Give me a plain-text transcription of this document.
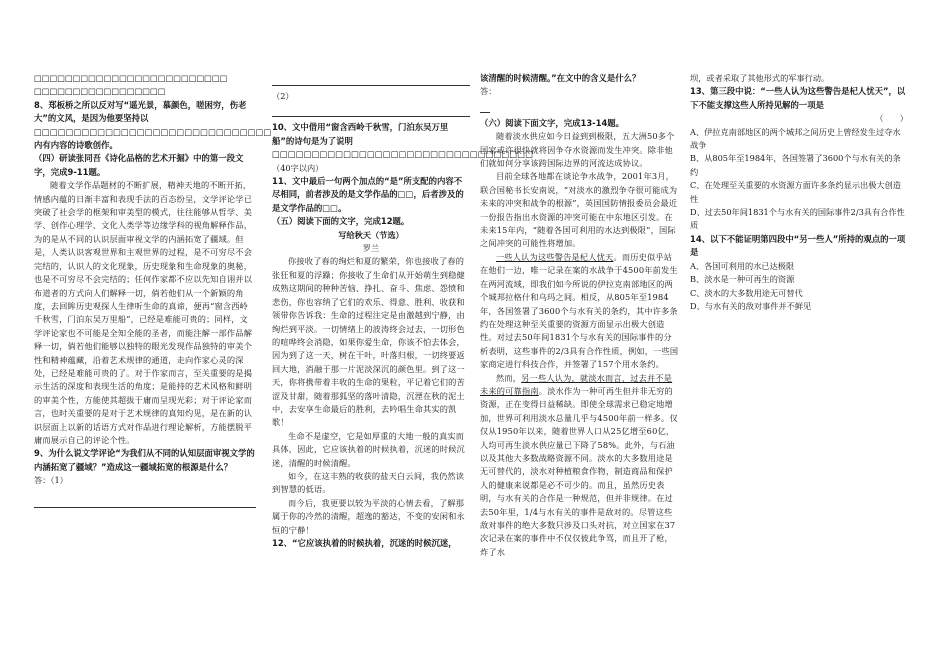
□□□□□□□□□□□□□□□□□□□□□□□□□

□□□□□□□□□□□□□□□□□

8、郑板桥之所以反对写“遥光景，慕颜色，嗟困穷，伤老大”的文风，是因为他要坚持以□□□□□□□□□□□□□□□□□□□□□□□□□□□□□□内有内容的诗歌创作。

（四）研读张同吾《诗化品格的艺术开掘》中的第一段文字，完成9-11题。

随着文学作品题材的不断扩展，精神天地的不断开拓，情感内蕴的日渐丰富和表现手法的百态纷呈，文学评论学已突破了社会学的框架和审美型的模式，往往能够从哲学、美学、创作心理学、文化人类学等边缘学科的视角解释作品，为的是从不同的认识层面审视文学的内涵拓宽了疆域。但是，人类认识客观世界和主观世界的过程，是不可穷尽不会完结的，认识人的文化现象，历史现象和生命现象的奥秘，也是不可穷尽不会完结的；任何作家都不应以先知自诩并以布道者的方式向人们解释一切，倘若他们从一个新颖的角度，去回眸历史观探人生律听生命的真谛，便再“窗含西岭千秋雪，门泊东吴万里船”，已经是难能可贵的；同样，文学评论家也不可能是全知全能的圣者，而能注解一部作品解释一切，倘若他们能够以独特的眼光发现作品独特的审美个性和精神蕴藏，沿着艺术规律的通道，走向作家心灵的深处，已经是难能可贵的了。对于作家而言，至关重要的是揭示生活的深度和表现生活的角度；是能持的艺术风格和鲜明的审美个性，方能使其超拔于庸而呈现光彩；对于评论家而言，也时关重要的是对于艺术规律的真知灼见，是在新的认识层面上以新的话语方式对作品进行理论解析，方能摆脱平庸而展示自己的评论个性。

9、为什么说文学评论“为我们从不同的认知层面审视文学的内涵拓宽了疆域？”造成这一疆域拓宽的根源是什么？

答：（1）

（2）

10、文中借用“窗含西岭千秋雪，门泊东吴万里船”的诗句是为了说明□□□□□□□□□□□□□□□□□□□□□□□□□□□□□□□□□

（40字以内）

11、文中最后一句两个加点的“是”所支配的内容不尽相同，前者涉及的是文学作品的□□，后者涉及的是文学作品的□□。

（五）阅读下面的文字，完成12题。

写给秋天（节选）

罗兰

你接收了春的绚烂和夏的繁荣，你也接收了春的张狂和夏的浮躁；你接收了生命们从开始萌生到稳健成熟这期间的种种苦恼、挣扎、奋斗、焦虑、怨愤和悲伤，你也容纳了它们的欢乐、得意、胜利、收获和领带你告诉我：生命的过程注定是由激越到宁静，由绚烂到平淡。一切情绪上的波涛终会过去，一切形色的喧哗终会消隐，如果你爱生命，你该不怕去体会，因为到了这一天，树在干叶，叶落归根，一切终要返回大地，消融于那一片泥淡深沉的颜色里。到了这一天，你将携带着丰收的生命的果粒，平记着它们的苦涩及甘甜，随着那狐坚的落叶清隐，沉湮在秋的泥土中，去安享生命最后的胜利，去吟唱生命其实的凯歌！

生命不是虚空，它是如厚重的大地一般的真实而具体，因此，它应该执着的时候执着，沉迷的时候沉迷，清醒的时候清醒。

如今，在这丰熟的收获的盐天白云间，我仍然读到智慧的低语。

而今后，我更要以较为平淡的心情去看，了解那属于你的冷然的清醒，超逸的豁达，不变的安闲和永恒的宁静！

12、“它应该执着的时候执着，沉迷的时候沉迷，

该清醒的时候清醒。”在文中的含义是什么？

答：

（六）阅读下面文字，完成13-14题。

随着淡水供应如今日益到到极限，五大洲50多个国家或许很快就将因争夺水资源而发生冲突。除非他们就如何分享该跨国际边界的河流达成协议。

目前全球各地都在谈论争水战争，2001年3月，联合国秘书长安南说，“对淡水的激烈争夺很可能成为未来的冲突和战争的根源”，英国国防情报委员会最近一份报告指出水资源的冲突可能在中东地区引发。在未来15年内，“随着各国可利用的水达到极限”，国际之间冲突的可能性将增加。

一些人认为这些警告是杞人忧天。而历史似乎站在他们一边，唯一记录在案的水战争于4500年前发生在两河流域，即我们如今所说的伊拉克南部地区的两个城邦拉格什和乌玛之间。相反，从805年至1984年，各国签署了3600个与水有关的条约，其中许多条约在处理这种至关重要的资源方面显示出极大创造性。对过去50年间1831个与水有关的国际事件的分析表明，这些事件的2/3具有合作性质，例如，一些国家商定进行科技合作，并签署了157个用水条约。

然而，另一些人认为，就淡水而言，过去并不是未来的可靠指南。淡水作为一种可再生但并非无穷的资源，正在变得日益稀缺。即使全球需求已稳定地增加，世界可利用淡水总量几乎与4500年前一样多。仅仅从1950年以来，随着世界人口从25亿增至60亿，人均可再生淡水供应量已下降了58%。此外，与石油以及其他大多数战略资源不同。淡水的大多数用途是无可替代的，淡水对种植粮食作物，制造商品和保护人的健康来说都是必不可少的。而且，虽然历史表明，与水有关的合作是一种规范，但并非规律。在过去50年里，1/4与水有关的事件是敌对的。尽管这些敌对事件的绝大多数只涉及口头对抗，对立国家在37次记录在案的事件中不仅仅彼此争骂，而且开了枪，炸了水

坝，或者采取了其他形式的军事行动。

13、第三段中说：“一些人认为这些警告是杞人忧天”，以下不能支撑这些人所持见解的一项是

（　　）

A、伊拉克南部地区的两个城邦之间历史上曾经发生过夺水战争

B、从805年至1984年，各国签署了3600个与水有关的条约

C、在处理至关重要的水资源方面许多条约显示出极大创造性

D、过去50年间1831个与水有关的国际事件2/3具有合作性质

14、以下不能证明第四段中“另一些人”所持的观点的一项是

A、各国可利用的水已达极限

B、淡水是一种可再生的资源

C、淡水的大多数用途无可替代

D、与水有关的敌对事件并不鲜见
